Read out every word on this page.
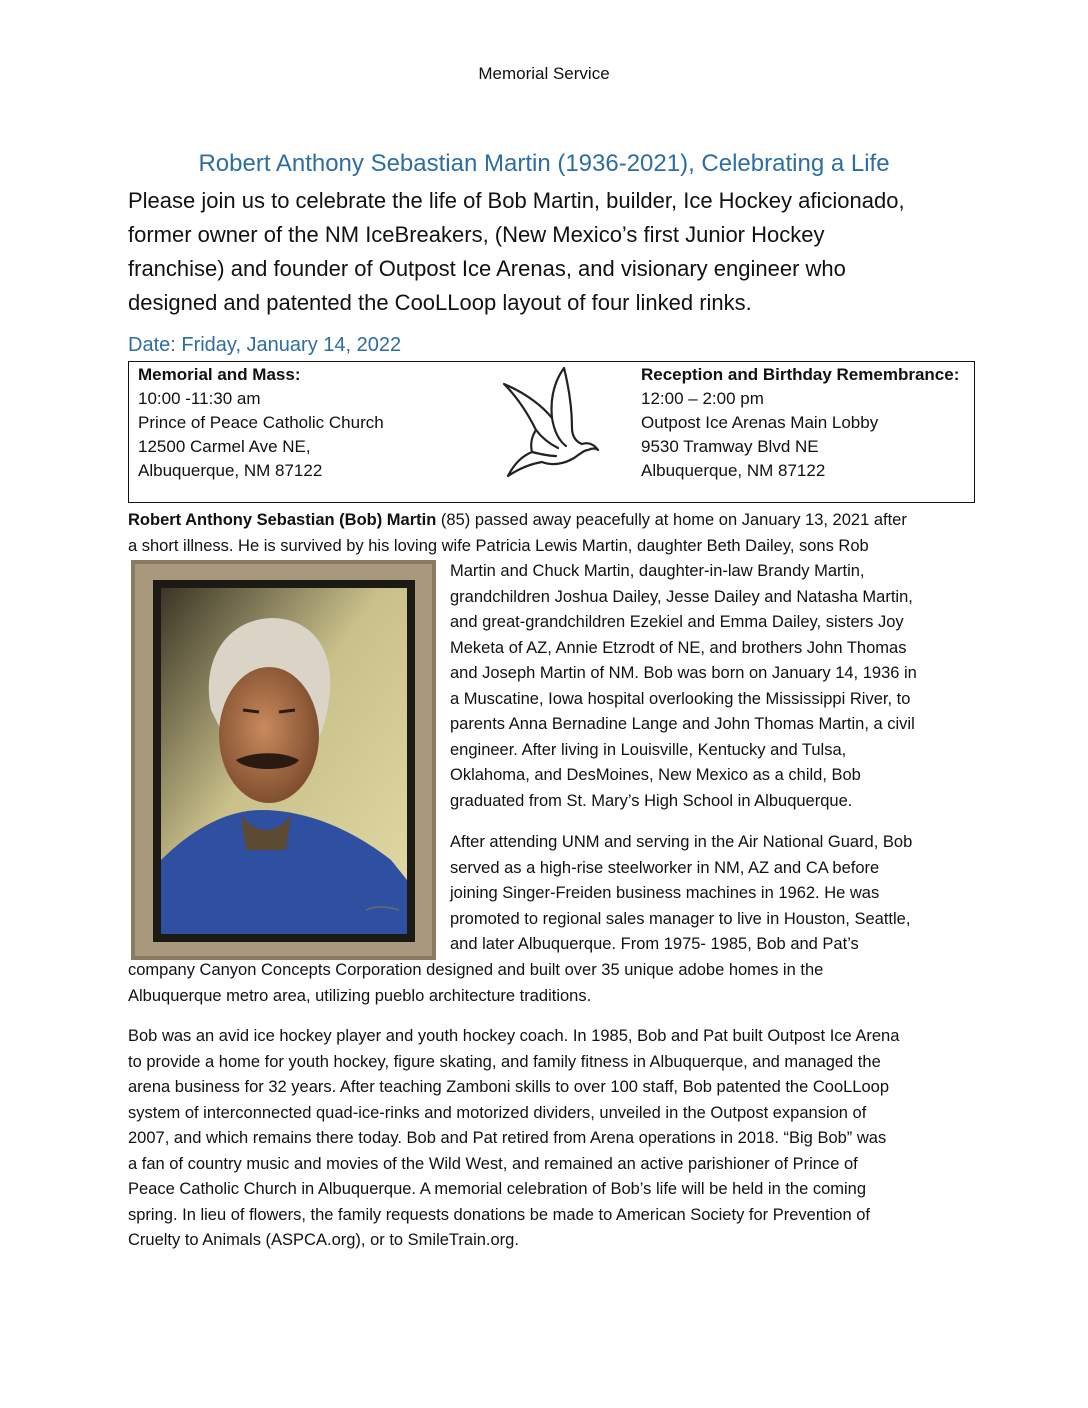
Memorial Service
Robert Anthony Sebastian Martin (1936-2021), Celebrating a Life
Please join us to celebrate the life of Bob Martin, builder, Ice Hockey aficionado,
former owner of the NM IceBreakers, (New Mexico’s first Junior Hockey
franchise) and founder of Outpost Ice Arenas, and visionary engineer who
designed and patented the CooLLoop layout of four linked rinks.
Date: Friday, January 14, 2022
Memorial and Mass:
10:00 -11:30 am
Prince of Peace Catholic Church
12500 Carmel Ave NE,
Albuquerque, NM 87122
Reception and Birthday Remembrance:
12:00 – 2:00 pm
Outpost Ice Arenas Main Lobby
9530 Tramway Blvd NE
Albuquerque, NM 87122
Robert Anthony Sebastian (Bob) Martin (85) passed away peacefully at home on January 13, 2021 after
a short illness. He is survived by his loving wife Patricia Lewis Martin, daughter Beth Dailey, sons Rob
Martin and Chuck Martin, daughter-in-law Brandy Martin,
grandchildren Joshua Dailey, Jesse Dailey and Natasha Martin,
and great-grandchildren Ezekiel and Emma Dailey, sisters Joy
Meketa of AZ, Annie Etzrodt of NE, and brothers John Thomas
and Joseph Martin of NM. Bob was born on January 14, 1936 in
a Muscatine, Iowa hospital overlooking the Mississippi River, to
parents Anna Bernadine Lange and John Thomas Martin, a civil
engineer. After living in Louisville, Kentucky and Tulsa,
Oklahoma, and DesMoines, New Mexico as a child, Bob
graduated from St. Mary’s High School in Albuquerque.
After attending UNM and serving in the Air National Guard, Bob
served as a high-rise steelworker in NM, AZ and CA before
joining Singer-Freiden business machines in 1962. He was
promoted to regional sales manager to live in Houston, Seattle,
and later Albuquerque. From 1975- 1985, Bob and Pat’s
company Canyon Concepts Corporation designed and built over 35 unique adobe homes in the
Albuquerque metro area, utilizing pueblo architecture traditions.
Bob was an avid ice hockey player and youth hockey coach. In 1985, Bob and Pat built Outpost Ice Arena
to provide a home for youth hockey, figure skating, and family fitness in Albuquerque, and managed the
arena business for 32 years. After teaching Zamboni skills to over 100 staff, Bob patented the CooLLoop
system of interconnected quad-ice-rinks and motorized dividers, unveiled in the Outpost expansion of
2007, and which remains there today. Bob and Pat retired from Arena operations in 2018. “Big Bob” was
a fan of country music and movies of the Wild West, and remained an active parishioner of Prince of
Peace Catholic Church in Albuquerque. A memorial celebration of Bob’s life will be held in the coming
spring. In lieu of flowers, the family requests donations be made to American Society for Prevention of
Cruelty to Animals (ASPCA.org), or to SmileTrain.org.
